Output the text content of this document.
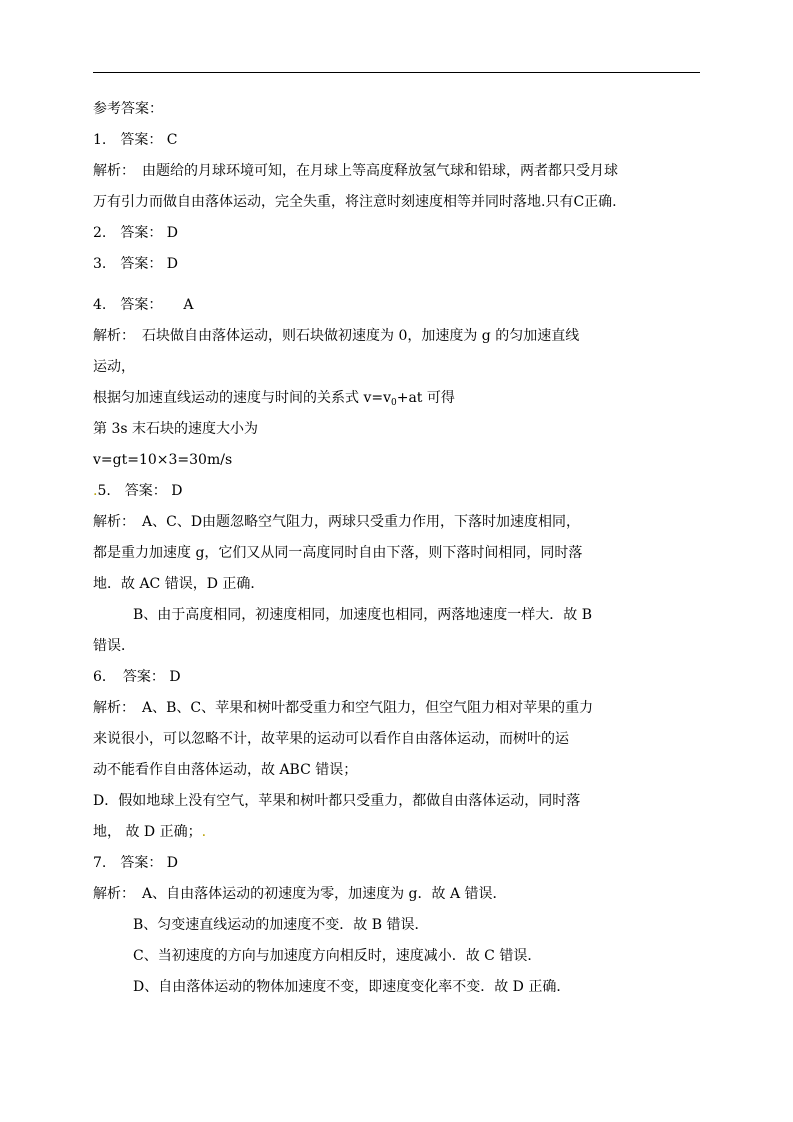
参考答案：
1.　答案： C
解析：　由题给的月球环境可知，在月球上等高度释放氢气球和铅球，两者都只受月球
万有引力而做自由落体运动，完全失重，将注意时刻速度相等并同时落地.只有C正确.
2.　答案： D
3.　答案： D
4.　答案：　　A
解析：　石块做自由落体运动，则石块做初速度为 0，加速度为 g 的匀加速直线
运动，
根据匀加速直线运动的速度与时间的关系式 $v=v_0+at$ 可得
第 3s 末石块的速度大小为
v=gt=10×3=30m/s
.5.　答案： D
解析：　A、C、D由题忽略空气阻力，两球只受重力作用，下落时加速度相同，
都是重力加速度 g，它们又从同一高度同时自由下落，则下落时间相同，同时落
地．故 AC 错误，D 正确．
B、由于高度相同，初速度相同，加速度也相同，两落地速度一样大．故 B
错误．
6．　答案： D
解析：　A、B、C、苹果和树叶都受重力和空气阻力，但空气阻力相对苹果的重力
来说很小，可以忽略不计，故苹果的运动可以看作自由落体运动，而树叶的运
动不能看作自由落体运动，故 ABC 错误；
D．假如地球上没有空气，苹果和树叶都只受重力，都做自由落体运动，同时落
地， 故 D 正确；.
7.　答案： D
解析：　A、自由落体运动的初速度为零，加速度为 g．故 A 错误．
B、匀变速直线运动的加速度不变．故 B 错误．
C、当初速度的方向与加速度方向相反时，速度减小．故 C 错误．
D、自由落体运动的物体加速度不变，即速度变化率不变．故 D 正确．
